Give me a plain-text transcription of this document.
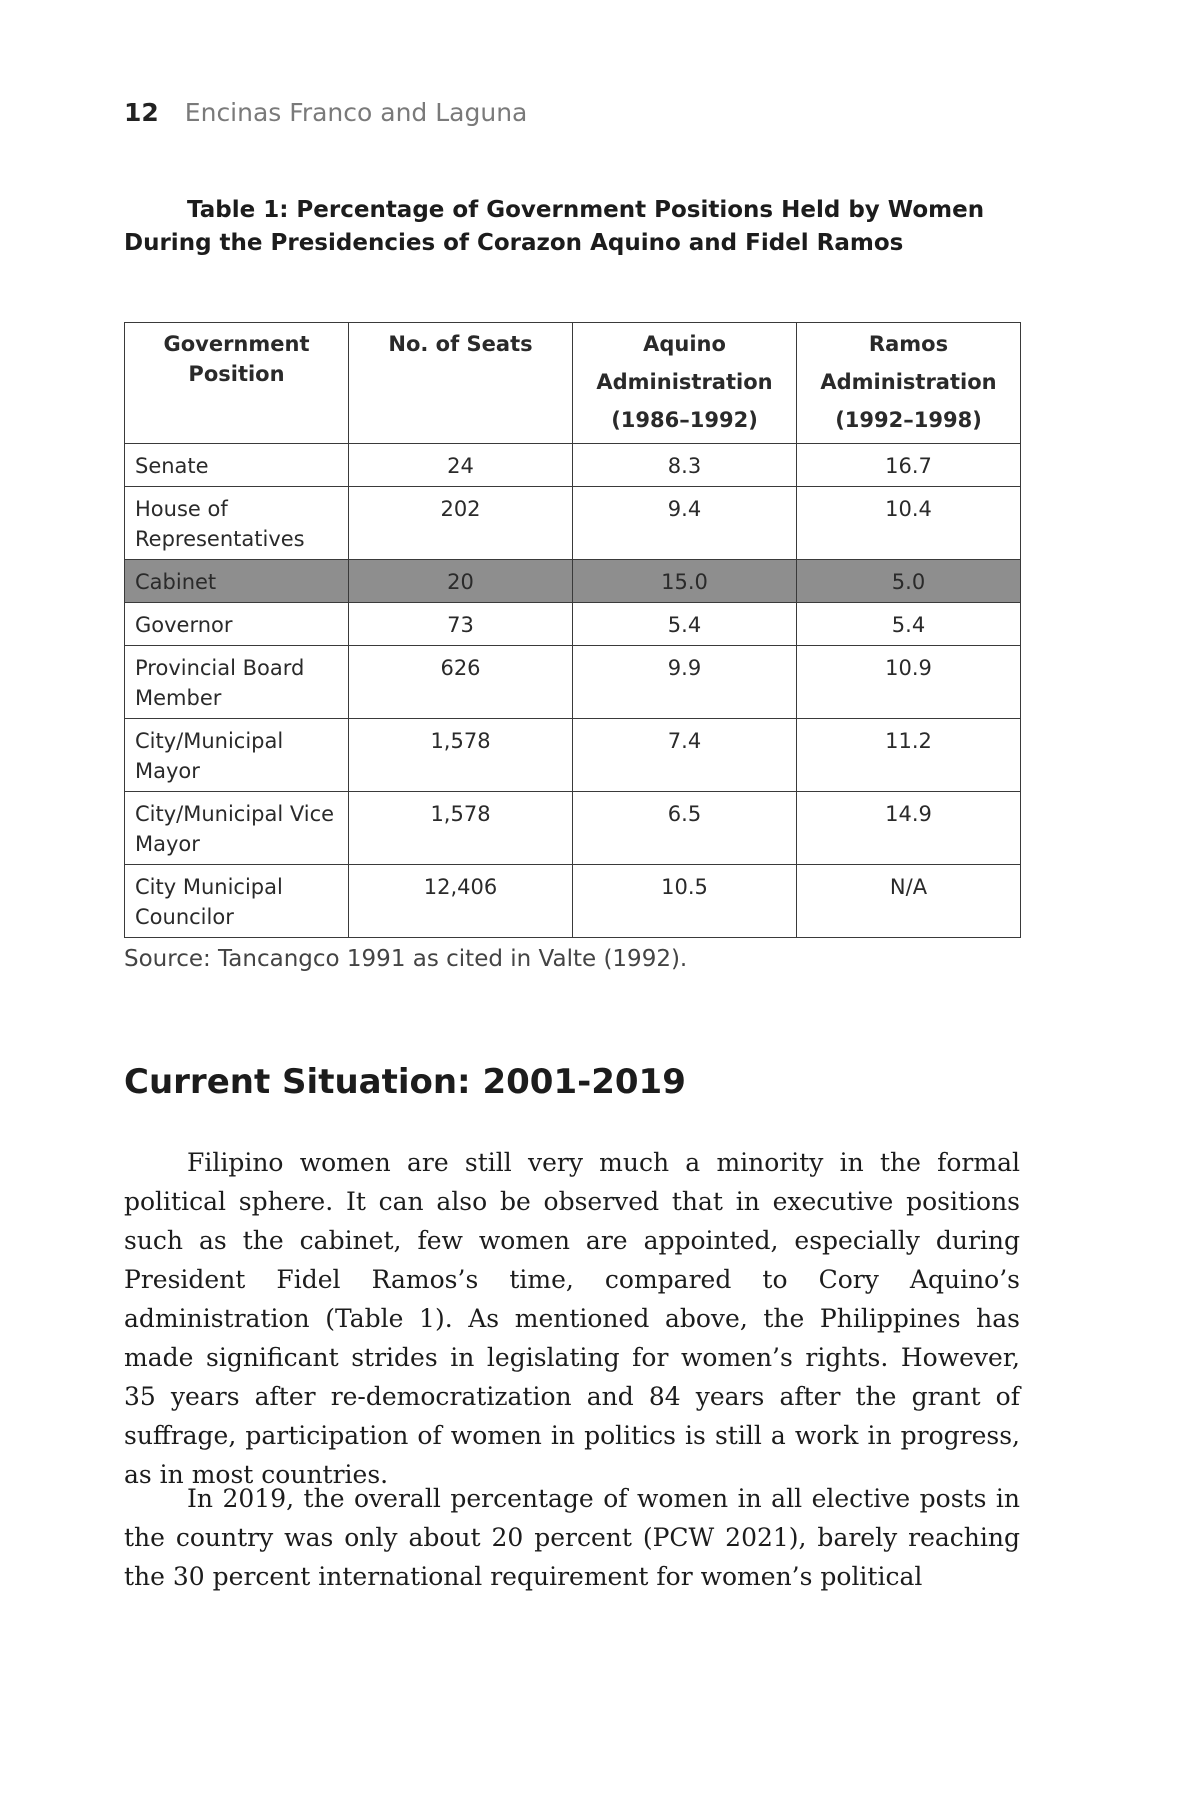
12 Encinas Franco and Laguna
Table 1: Percentage of Government Positions Held by Women During the Presidencies of Corazon Aquino and Fidel Ramos
Government Position	No. of Seats	Aquino Administration (1986–1992)	Ramos Administration (1992–1998)
Senate	24	8.3	16.7
House of Representatives	202	9.4	10.4
Cabinet	20	15.0	5.0
Governor	73	5.4	5.4
Provincial Board Member	626	9.9	10.9
City/Municipal Mayor	1,578	7.4	11.2
City/Municipal Vice Mayor	1,578	6.5	14.9
City Municipal Councilor	12,406	10.5	N/A
Source: Tancangco 1991 as cited in Valte (1992).
Current Situation: 2001-2019

Filipino women are still very much a minority in the formal political sphere. It can also be observed that in executive positions such as the cabinet, few women are appointed, especially during President Fidel Ramos’s time, compared to Cory Aquino’s administration (Table 1). As mentioned above, the Philippines has made significant strides in legislating for women’s rights. However, 35 years after re-democratization and 84 years after the grant of suffrage, participation of women in politics is still a work in progress, as in most countries.

In 2019, the overall percentage of women in all elective posts in the country was only about 20 percent (PCW 2021), barely reaching the 30 percent international requirement for women’s political
